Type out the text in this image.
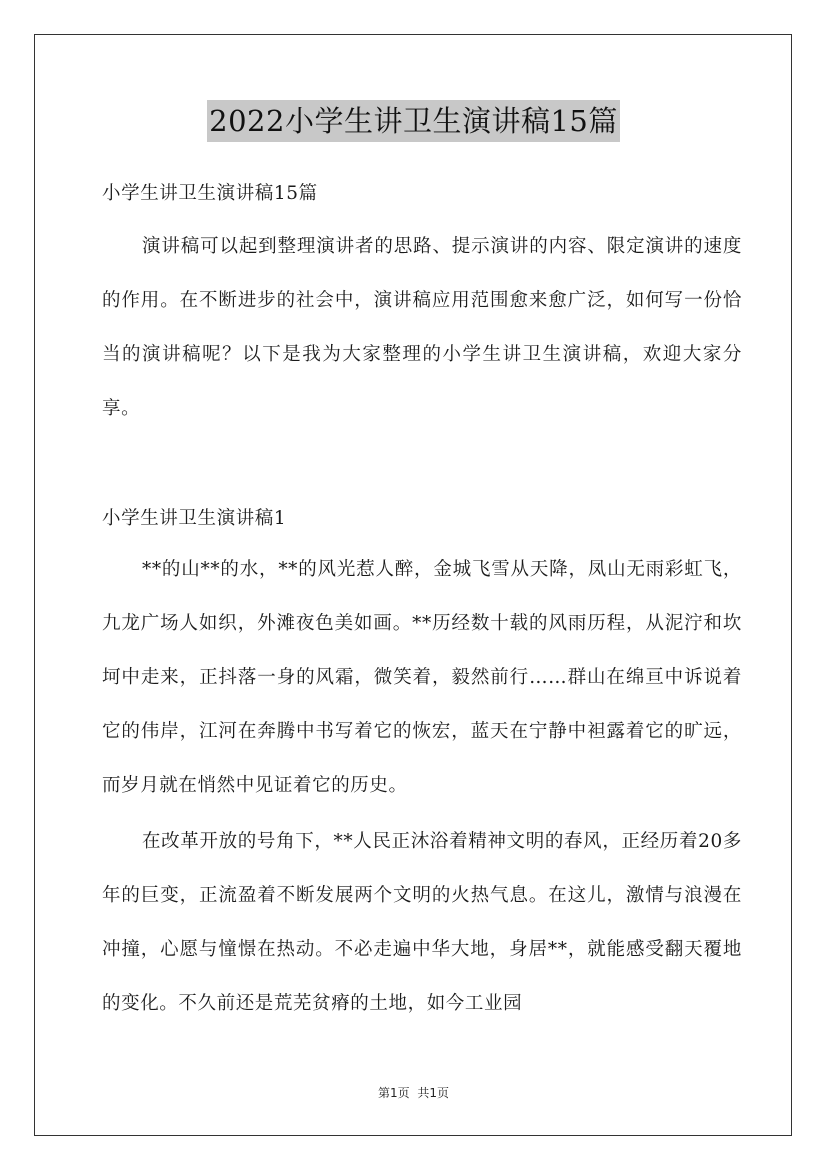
2022小学生讲卫生演讲稿15篇
小学生讲卫生演讲稿15篇

演讲稿可以起到整理演讲者的思路、提示演讲的内容、限定演讲的速度的作用。在不断进步的社会中，演讲稿应用范围愈来愈广泛，如何写一份恰当的演讲稿呢？以下是我为大家整理的小学生讲卫生演讲稿，欢迎大家分享。

小学生讲卫生演讲稿1

**的山**的水，**的风光惹人醉，金城飞雪从天降，凤山无雨彩虹飞，九龙广场人如织，外滩夜色美如画。**历经数十载的风雨历程，从泥泞和坎坷中走来，正抖落一身的风霜，微笑着，毅然前行……群山在绵亘中诉说着它的伟岸，江河在奔腾中书写着它的恢宏，蓝天在宁静中袒露着它的旷远，而岁月就在悄然中见证着它的历史。

在改革开放的号角下，**人民正沐浴着精神文明的春风，正经历着20多年的巨变，正流盈着不断发展两个文明的火热气息。在这儿，激情与浪漫在冲撞，心愿与憧憬在热动。不必走遍中华大地，身居**，就能感受翻天覆地的变化。不久前还是荒芜贫瘠的土地，如今工业园

第1页 共1页
